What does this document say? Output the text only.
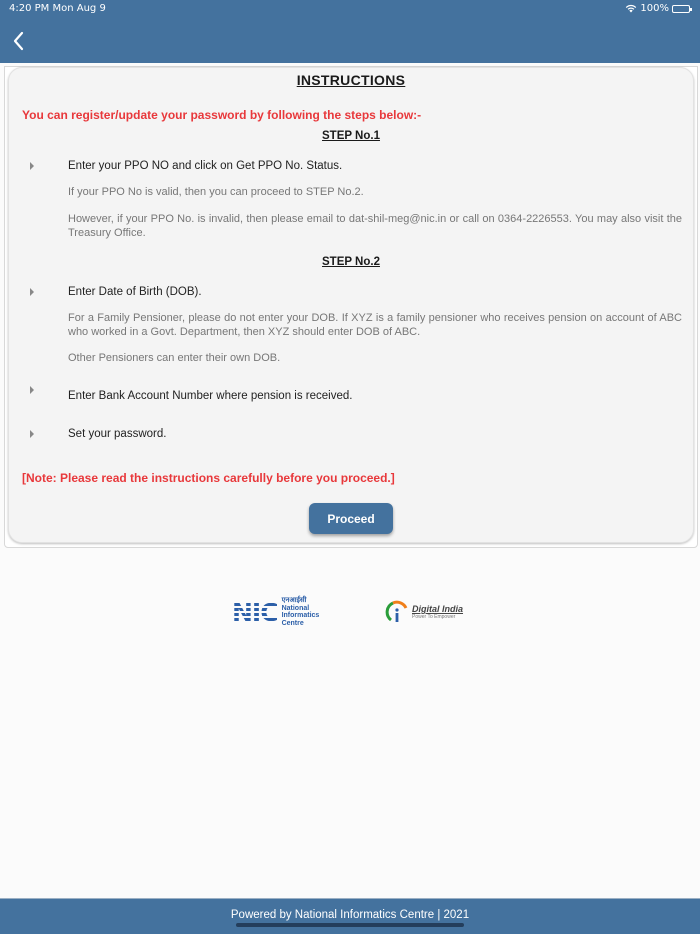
4:20 PM Mon Aug 9	100%
INSTRUCTIONS
You can register/update your password by following the steps below:-
STEP No.1
Enter your PPO NO and click on Get PPO No. Status.
If your PPO No is valid, then you can proceed to STEP No.2.
However, if your PPO No. is invalid, then please email to dat-shil-meg@nic.in or call on 0364-2226553. You may also visit the Treasury Office.
STEP No.2
Enter Date of Birth (DOB).
For a Family Pensioner, please do not enter your DOB. If XYZ is a family pensioner who receives pension on account of ABC who worked in a Govt. Department, then XYZ should enter DOB of ABC.
Other Pensioners can enter their own DOB.
Enter Bank Account Number where pension is received.
Set your password.
[Note: Please read the instructions carefully before you proceed.]
Proceed
NIC एनआईसी
National
Informatics
Centre
Digital India
Power To Empower
Powered by National Informatics Centre | 2021
